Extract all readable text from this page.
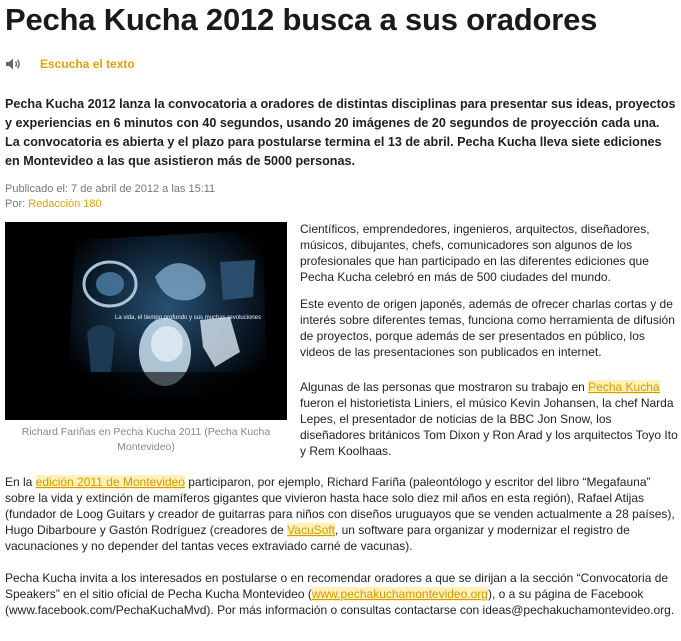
Pecha Kucha 2012 busca a sus oradores
Escucha el texto

Pecha Kucha 2012 lanza la convocatoria a oradores de distintas disciplinas para presentar sus ideas, proyectos y experiencias en 6 minutos con 40 segundos, usando 20 imágenes de 20 segundos de proyección cada una. La convocatoria es abierta y el plazo para postularse termina el 13 de abril. Pecha Kucha lleva siete ediciones en Montevideo a las que asistieron más de 5000 personas.

Publicado el: 7 de abril de 2012 a las 15:11
Por: Redacción 180
La vida, el tiempo profundo y sus muchas revoluciones
Richard Fariñas en Pecha Kucha 2011 (Pecha Kucha Montevideo)

Científicos, emprendedores, ingenieros, arquitectos, diseñadores, músicos, dibujantes, chefs, comunicadores son algunos de los profesionales que han participado en las diferentes ediciones que Pecha Kucha celebró en más de 500 ciudades del mundo.

Este evento de origen japonés, además de ofrecer charlas cortas y de interés sobre diferentes temas, funciona como herramienta de difusión de proyectos, porque además de ser presentados en público, los videos de las presentaciones son publicados en internet.

Algunas de las personas que mostraron su trabajo en Pecha Kucha fueron el historietista Liniers, el músico Kevin Johansen, la chef Narda Lepes, el presentador de noticias de la BBC Jon Snow, los diseñadores británicos Tom Dixon y Ron Arad y los arquitectos Toyo Ito y Rem Koolhaas.

En la edición 2011 de Montevideo participaron, por ejemplo, Richard Fariña (paleontólogo y escritor del libro “Megafauna” sobre la vida y extinción de mamíferos gigantes que vivieron hasta hace solo diez mil años en esta región), Rafael Atijas (fundador de Loog Guitars y creador de guitarras para niños con diseños uruguayos que se venden actualmente a 28 países), Hugo Dibarboure y Gastón Rodríguez (creadores de VacuSoft, un software para organizar y modernizar el registro de vacunaciones y no depender del tantas veces extraviado carné de vacunas).

Pecha Kucha invita a los interesados en postularse o en recomendar oradores a que se dirijan a la sección “Convocatoria de Speakers” en el sitio oficial de Pecha Kucha Montevideo (www.pechakuchamontevideo.org), o a su página de Facebook (www.facebook.com/PechaKuchaMvd). Por más información o consultas contactarse con ideas@pechakuchamontevideo.org.
